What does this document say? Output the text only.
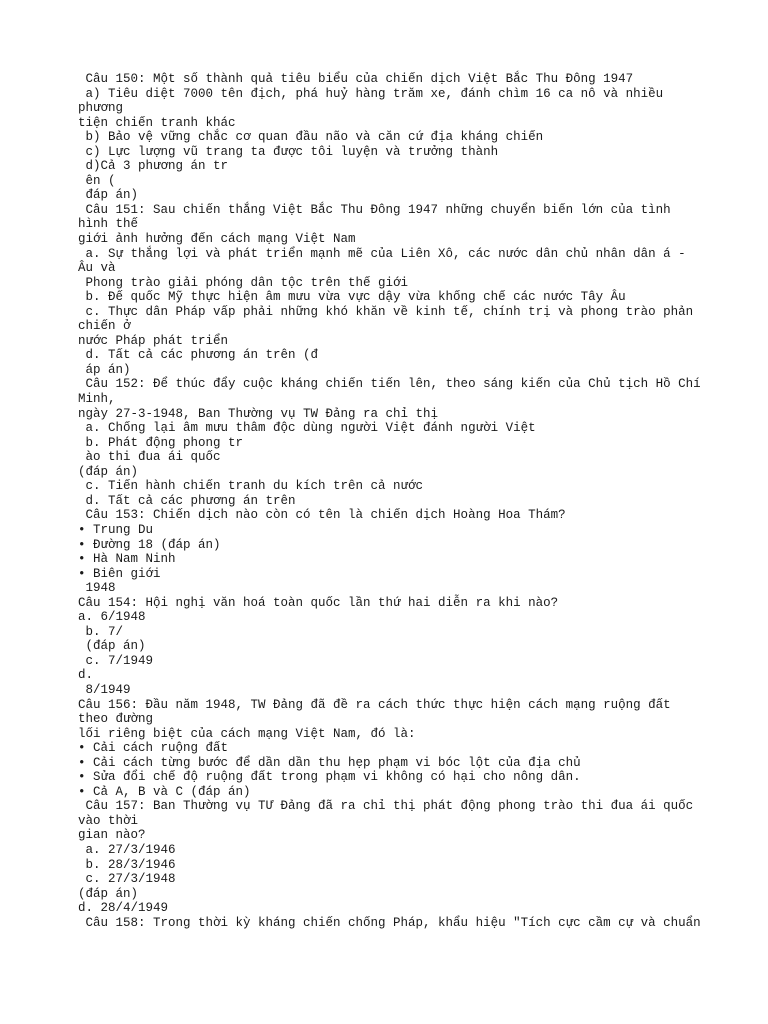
Câu 150: Một số thành quả tiêu biểu của chiến dịch Việt Bắc Thu Đông 1947
a) Tiêu diệt 7000 tên địch, phá huỷ hàng trăm xe, đánh chìm 16 ca nô và nhiều
phương
tiện chiến tranh khác
b) Bảo vệ vững chắc cơ quan đầu não và căn cứ địa kháng chiến
c) Lực lượng vũ trang ta được tôi luyện và trưởng thành
d)Cả 3 phương án tr
ên (
đáp án)
Câu 151: Sau chiến thắng Việt Bắc Thu Đông 1947 những chuyển biến lớn của tình
hình thế
giới ảnh hưởng đến cách mạng Việt Nam
a. Sự thắng lợi và phát triển mạnh mẽ của Liên Xô, các nước dân chủ nhân dân á -
Âu và
Phong trào giải phóng dân tộc trên thế giới
b. Đế quốc Mỹ thực hiện âm mưu vừa vực dậy vừa khống chế các nước Tây Âu
c. Thực dân Pháp vấp phải những khó khăn về kinh tế, chính trị và phong trào phản
chiến ở
nước Pháp phát triển
d. Tất cả các phương án trên (đ
áp án)
Câu 152: Để thúc đẩy cuộc kháng chiến tiến lên, theo sáng kiến của Chủ tịch Hồ Chí
Minh,
ngày 27-3-1948, Ban Thường vụ TW Đảng ra chỉ thị
a. Chống lại âm mưu thâm độc dùng người Việt đánh người Việt
b. Phát động phong tr
ào thi đua ái quốc
(đáp án)
c. Tiến hành chiến tranh du kích trên cả nước
d. Tất cả các phương án trên
Câu 153: Chiến dịch nào còn có tên là chiến dịch Hoàng Hoa Thám?
• Trung Du
• Đường 18 (đáp án)
• Hà Nam Ninh
• Biên giới
1948
Câu 154: Hội nghị văn hoá toàn quốc lần thứ hai diễn ra khi nào?
a. 6/1948
b. 7/
(đáp án)
c. 7/1949
d.
8/1949
Câu 156: Đầu năm 1948, TW Đảng đã đề ra cách thức thực hiện cách mạng ruộng đất
theo đường
lối riêng biệt của cách mạng Việt Nam, đó là:
• Cải cách ruộng đất
• Cải cách từng bước để dần dần thu hẹp phạm vi bóc lột của địa chủ
• Sửa đổi chế độ ruộng đất trong phạm vi không có hại cho nông dân.
• Cả A, B và C (đáp án)
Câu 157: Ban Thường vụ TƯ Đảng đã ra chỉ thị phát động phong trào thi đua ái quốc
vào thời
gian nào?
a. 27/3/1946
b. 28/3/1946
c. 27/3/1948
(đáp án)
d. 28/4/1949
Câu 158: Trong thời kỳ kháng chiến chống Pháp, khẩu hiệu "Tích cực cầm cự và chuẩn
